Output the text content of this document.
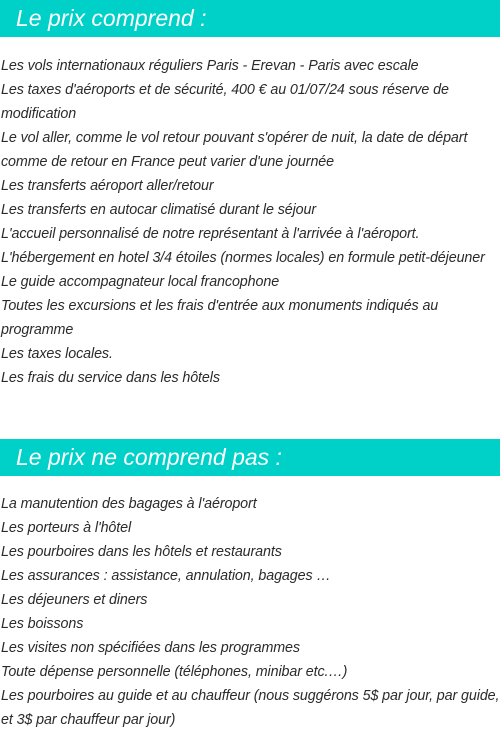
Le prix comprend :
Les vols internationaux réguliers Paris - Erevan - Paris avec escale
Les taxes d'aéroports et de sécurité, 400 € au 01/07/24 sous réserve de modification
Le vol aller, comme le vol retour pouvant s'opérer de nuit, la date de départ comme de retour en France peut varier d'une journée
Les transferts aéroport aller/retour
Les transferts en autocar climatisé durant le séjour
L'accueil personnalisé de notre représentant à l'arrivée à l'aéroport.
L'hébergement en hotel 3/4 étoiles (normes locales) en formule petit-déjeuner
Le guide accompagnateur local francophone
Toutes les excursions et les frais d'entrée aux monuments indiqués au programme
Les taxes locales.
Les frais du service dans les hôtels
Le prix ne comprend pas :
La manutention des bagages à l'aéroport
Les porteurs à l'hôtel
Les pourboires dans les hôtels et restaurants
Les assurances : assistance, annulation, bagages …
Les déjeuners et diners
Les boissons
Les visites non spécifiées dans les programmes
Toute dépense personnelle (téléphones, minibar etc.…)
Les pourboires au guide et au chauffeur (nous suggérons 5$ par jour, par guide, et 3$ par chauffeur par jour)
